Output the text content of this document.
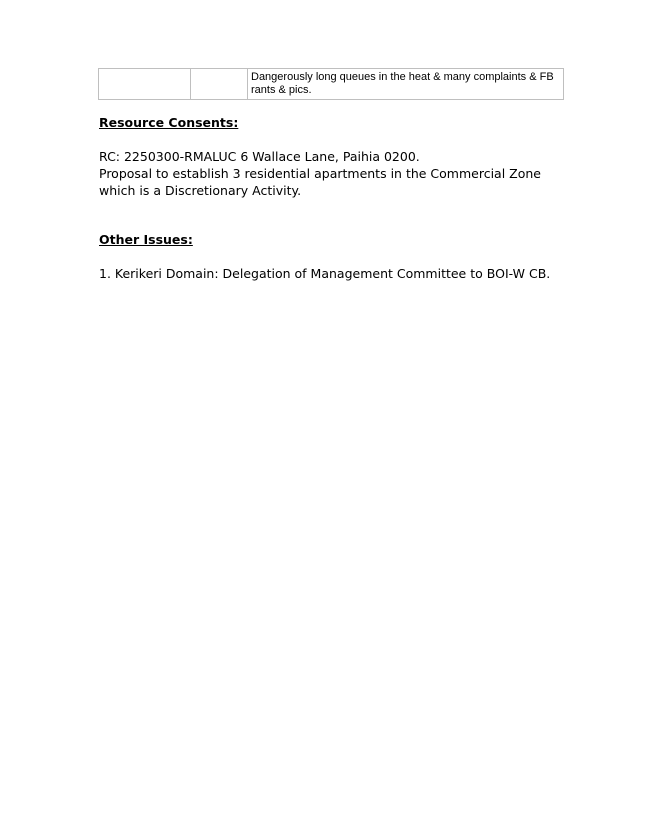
		Dangerously long queues in the heat & many complaints & FB rants & pics.
Resource Consents:
RC: 2250300-RMALUC 6 Wallace Lane, Paihia 0200.
Proposal to establish 3 residential apartments in the Commercial Zone which is a Discretionary Activity.
Other Issues:
1. Kerikeri Domain: Delegation of Management Committee to BOI-W CB.
